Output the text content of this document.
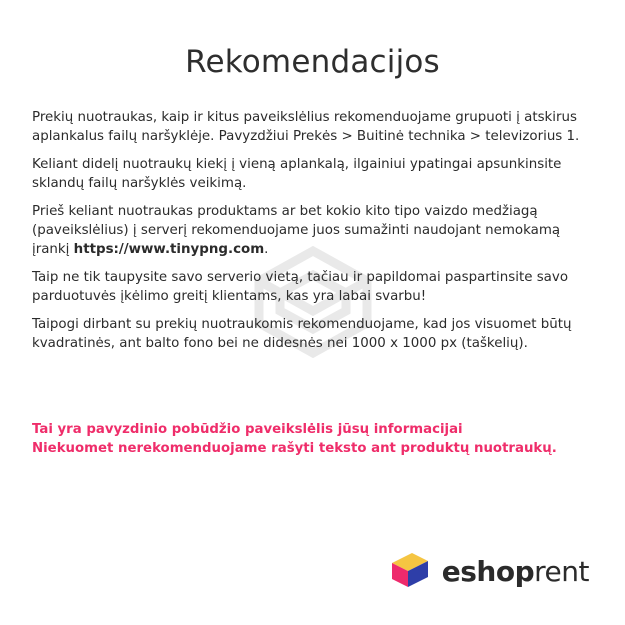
Rekomendacijos

Prekių nuotraukas, kaip ir kitus paveikslėlius rekomenduojame grupuoti į atskirus aplankalus failų naršyklėje. Pavyzdžiui Prekės > Buitinė technika > televizorius 1.

Keliant didelį nuotraukų kiekį į vieną aplankalą, ilgainiui ypatingai apsunkinsite sklandų failų naršyklės veikimą.

Prieš keliant nuotraukas produktams ar bet kokio kito tipo vaizdo medžiagą (paveikslėlius) į serverį rekomenduojame juos sumažinti naudojant nemokamą įrankį https://www.tinypng.com.

Taip ne tik taupysite savo serverio vietą, tačiau ir papildomai paspartinsite savo parduotuvės įkėlimo greitį klientams, kas yra labai svarbu!

Taipogi dirbant su prekių nuotraukomis rekomenduojame, kad jos visuomet būtų kvadratinės, ant balto fono bei ne didesnės nei 1000 x 1000 px (taškelių).

Tai yra pavyzdinio pobūdžio paveikslėlis jūsų informacijai

Niekuomet nerekomenduojame rašyti teksto ant produktų nuotraukų.

eshoprent
